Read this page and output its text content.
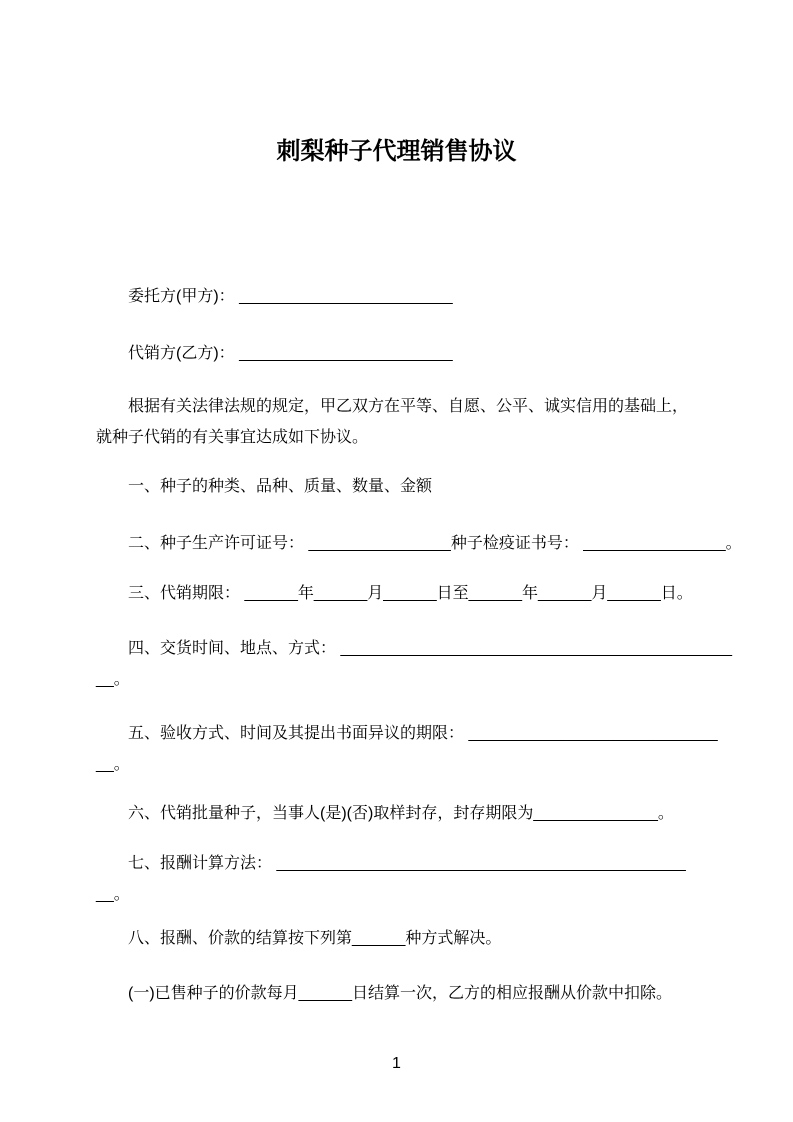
刺梨种子代理销售协议

委托方(甲方)： ________________________

代销方(乙方)： ________________________

根据有关法律法规的规定，甲乙双方在平等、自愿、公平、诚实信用的基础上，

就种子代销的有关事宜达成如下协议。

一、种子的种类、品种、质量、数量、金额

二、种子生产许可证号： ________________种子检疫证书号： ________________。

三、代销期限： ______年______月______日至______年______月______日。

四、交货时间、地点、方式： ____________________________________________

__。

五、验收方式、时间及其提出书面异议的期限： ____________________________

__。

六、代销批量种子，当事人(是)(否)取样封存，封存期限为______________。

七、报酬计算方法： ______________________________________________

__。

八、报酬、价款的结算按下列第______种方式解决。

(一)已售种子的价款每月______日结算一次，乙方的相应报酬从价款中扣除。

1
